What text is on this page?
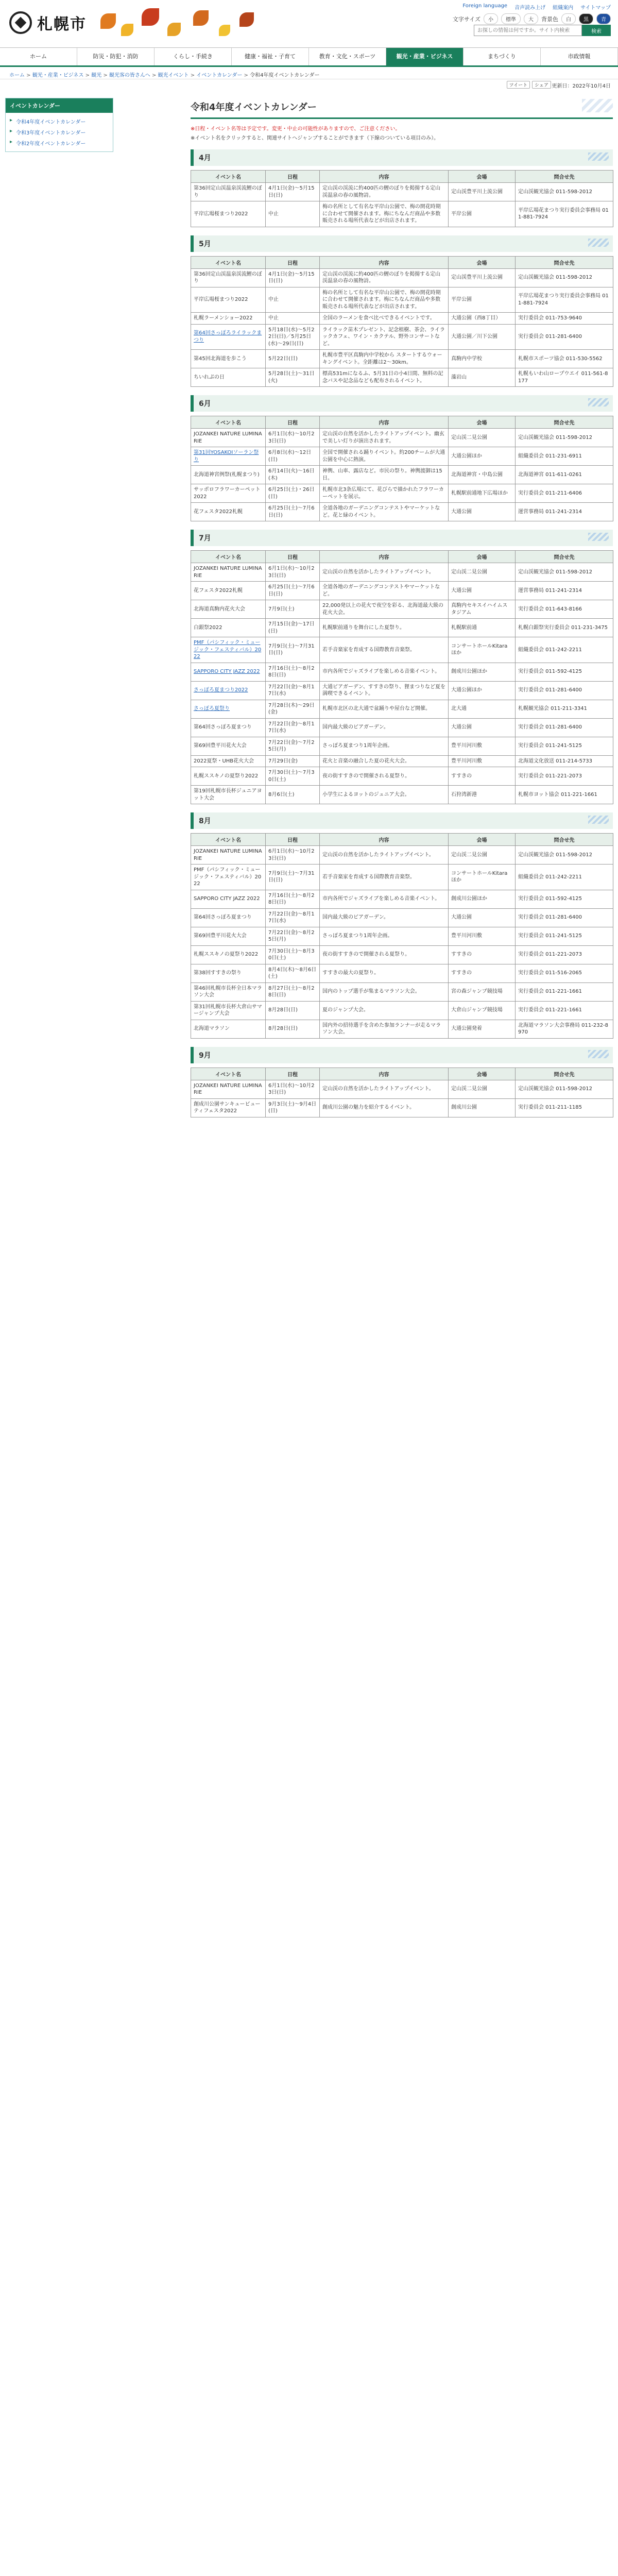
札幌市
Foreign language 音声読み上げ 組織案内 サイトマップ
文字サイズ	小	標準	大	背景色	白	黒	青
お探しの情報は何ですか。サイト内検索
検索
ホーム	防災・防犯・消防	くらし・手続き	健康・福祉・子育て	教育・文化・スポーツ	観光・産業・ビジネス	まちづくり	市政情報
ホーム > 観光・産業・ビジネス > 観光 > 観光客の皆さんへ > 観光イベント > イベントカレンダー > 令和4年度イベントカレンダー
ツイート	シェア 更新日：2022年10月4日
イベントカレンダー
▸ 令和4年度イベントカレンダー
▸ 令和3年度イベントカレンダー
▸ 令和2年度イベントカレンダー
令和4年度イベントカレンダー

※日程・イベント名等は予定です。変更・中止の可能性がありますので、ご注意ください。

※イベント名をクリックすると、関連サイトへジャンプすることができます（下線のついている項目のみ）。

4月
イベント名	日程	内容	会場	問合せ先
第36回定山渓温泉渓流鯉のぼり	4月1日(金)～5月15日(日)	定山渓の渓流に約400匹の鯉のぼりを掲揚する定山渓温泉の春の風物詩。	定山渓豊平川上流公園	定山渓観光協会 011-598-2012
平岸広場桜まつり2022	中止	梅の名所として有名な平岸山公園で、梅の開花時期に合わせて開催されます。梅にちなんだ商品や多数販売される場所代表などが出店されます。	平岸公園	平岸広場花まつり実行委員会事務局 011-881-7924
5月
イベント名	日程	内容	会場	問合せ先
第36回定山渓温泉渓流鯉のぼり	4月1日(金)～5月15日(日)	定山渓の渓流に約400匹の鯉のぼりを掲揚する定山渓温泉の春の風物詩。	定山渓豊平川上流公園	定山渓観光協会 011-598-2012
平岸広場桜まつり2022	中止	梅の名所として有名な平岸山公園で、梅の開花時期に合わせて開催されます。梅にちなんだ商品や多数販売される場所代表などが出店されます。	平岸公園	平岸広場花まつり実行委員会事務局 011-881-7924
札幌ラーメンショー2022	中止	全国のラーメンを食べ比べできるイベントです。	大通公園（西8丁目）	実行委員会 011-753-9640
第64回さっぽろライラックまつり	5月18日(水)～5月22日(日)／5月25日(水)～29日(日)	ライラック苗木プレゼント、記念植樹、茶会、ライラックカフェ、ワイン・カクテル、野外コンサートなど。	大通公園／川下公園	実行委員会 011-281-6400
第45回北海道を歩こう	5月22日(日)	札幌市豊平区真駒内中学校から スタートするウォーキングイベント。全距離は2～30km。	真駒内中学校	札幌市スポーツ協会 011-530-5562
ちいれぷの日	5月28日(土)～31日(火)	標高531mになるふ、5月31日の小4日間、無料の記念バスや記念品なども配布されるイベント。	藻岩山	札幌もいわ山ロープウエイ 011-561-8177
6月
イベント名	日程	内容	会場	問合せ先
JOZANKEI NATURE LUMINARIE	6月1日(水)～10月23日(日)	定山渓の自然を活かしたライトアップイベント。幽玄で美しい灯りが演出されます。	定山渓二見公園	定山渓観光協会 011-598-2012
第31回YOSAKOIソーラン祭り	6月8日(水)～12日(日)	全国で開催される踊りイベント。約200チームが大通公園を中心に熱演。	大通公園ほか	組織委員会 011-231-6911
北海道神宮例祭(札幌まつり)	6月14日(火)～16日(木)	神輿、山車、露店など。市民の祭り。神輿渡御は15日。	北海道神宮・中島公園	北海道神宮 011-611-0261
サッポロフラワーカーペット2022	6月25日(土)・26日(日)	札幌市北3条広場にて、花びらで描かれたフラワーカーペットを展示。	札幌駅前通地下広場ほか	実行委員会 011-211-6406
花フェスタ2022札幌	6月25日(土)～7月6日(日)	全道各地のガーデニングコンテストやマーケットなど。花と緑のイベント。	大通公園	運営事務局 011-241-2314
7月
イベント名	日程	内容	会場	問合せ先
JOZANKEI NATURE LUMINARIE	6月1日(水)～10月23日(日)	定山渓の自然を活かしたライトアップイベント。	定山渓二見公園	定山渓観光協会 011-598-2012
花フェスタ2022札幌	6月25日(土)～7月6日(日)	全道各地のガーデニングコンテストやマーケットなど。	大通公園	運営事務局 011-241-2314
北海道真駒内花火大会	7月9日(土)	22,000発以上の花火で夜空を彩る、北海道最大級の花火大会。	真駒内セキスイハイムスタジアム	実行委員会 011-643-8166
白銀祭2022	7月15日(金)～17日(日)	札幌駅前通りを舞台にした夏祭り。	札幌駅前通	札幌白銀祭実行委員会 011-231-3475
PMF（パシフィック・ミュージック・フェスティバル）2022	7月9日(土)～7月31日(日)	若手音楽家を育成する国際教育音楽祭。	コンサートホールKitaraほか	組織委員会 011-242-2211
SAPPORO CITY JAZZ 2022	7月16日(土)～8月28日(日)	市内各所でジャズライブを楽しめる音楽イベント。	創成川公園ほか	実行委員会 011-592-4125
さっぽろ夏まつり2022	7月22日(金)～8月17日(水)	大通ビアガーデン、すすきの祭り、狸まつりなど夏を満喫できるイベント。	大通公園ほか	実行委員会 011-281-6400
さっぽろ夏祭り	7月28日(木)～29日(金)	札幌市北区の北大通で盆踊りや屋台など開催。	北大通	札幌観光協会 011-211-3341
第64回さっぽろ夏まつり	7月22日(金)～8月17日(水)	国内最大級のビアガーデン。	大通公園	実行委員会 011-281-6400
第69回豊平川花火大会	7月22日(金)～7月25日(月)	さっぽろ夏まつり1周年企画。	豊平川河川敷	実行委員会 011-241-5125
2022夏祭・UHB花火大会	7月29日(金)	花火と音楽の融合した夏の花火大会。	豊平川河川敷	北海道文化放送 011-214-5733
札幌ススキノの夏祭り2022	7月30日(土)～7月30日(土)	夜の街すすきので開催される夏祭り。	すすきの	実行委員会 011-221-2073
第19回札幌市長杯ジュニアヨット大会	8月6日(土)	小学生によるヨットのジュニア大会。	石狩湾新港	札幌市ヨット協会 011-221-1661
8月
イベント名	日程	内容	会場	問合せ先
JOZANKEI NATURE LUMINARIE	6月1日(水)～10月23日(日)	定山渓の自然を活かしたライトアップイベント。	定山渓二見公園	定山渓観光協会 011-598-2012
PMF（パシフィック・ミュージック・フェスティバル）2022	7月9日(土)～7月31日(日)	若手音楽家を育成する国際教育音楽祭。	コンサートホールKitaraほか	組織委員会 011-242-2211
SAPPORO CITY JAZZ 2022	7月16日(土)～8月28日(日)	市内各所でジャズライブを楽しめる音楽イベント。	創成川公園ほか	実行委員会 011-592-4125
第64回さっぽろ夏まつり	7月22日(金)～8月17日(水)	国内最大級のビアガーデン。	大通公園	実行委員会 011-281-6400
第69回豊平川花火大会	7月22日(金)～8月25日(月)	さっぽろ夏まつり1周年企画。	豊平川河川敷	実行委員会 011-241-5125
札幌ススキノの夏祭り2022	7月30日(土)～8月30日(土)	夜の街すすきので開催される夏祭り。	すすきの	実行委員会 011-221-2073
第38回すすきの祭り	8月4日(木)～8月6日(土)	すすきの最大の夏祭り。	すすきの	実行委員会 011-516-2065
第46回札幌市長杯全日本マラソン大会	8月27日(土)～8月28日(日)	国内のトップ選手が集まるマラソン大会。	宮の森ジャンプ競技場	実行委員会 011-221-1661
第31回札幌市長杯大倉山サマージャンプ大会	8月28日(日)	夏のジャンプ大会。	大倉山ジャンプ競技場	実行委員会 011-221-1661
北海道マラソン	8月28日(日)	国内外の招待選手を含めた参加ランナーが走るマラソン大会。	大通公園発着	北海道マラソン大会事務局 011-232-8970
9月
イベント名	日程	内容	会場	問合せ先
JOZANKEI NATURE LUMINARIE	6月1日(水)～10月23日(日)	定山渓の自然を活かしたライトアップイベント。	定山渓二見公園	定山渓観光協会 011-598-2012
創成川公園サンキュービューティフェスタ2022	9月3日(土)～9月4日(日)	創成川公園の魅力を紹介するイベント。	創成川公園	実行委員会 011-211-1185
